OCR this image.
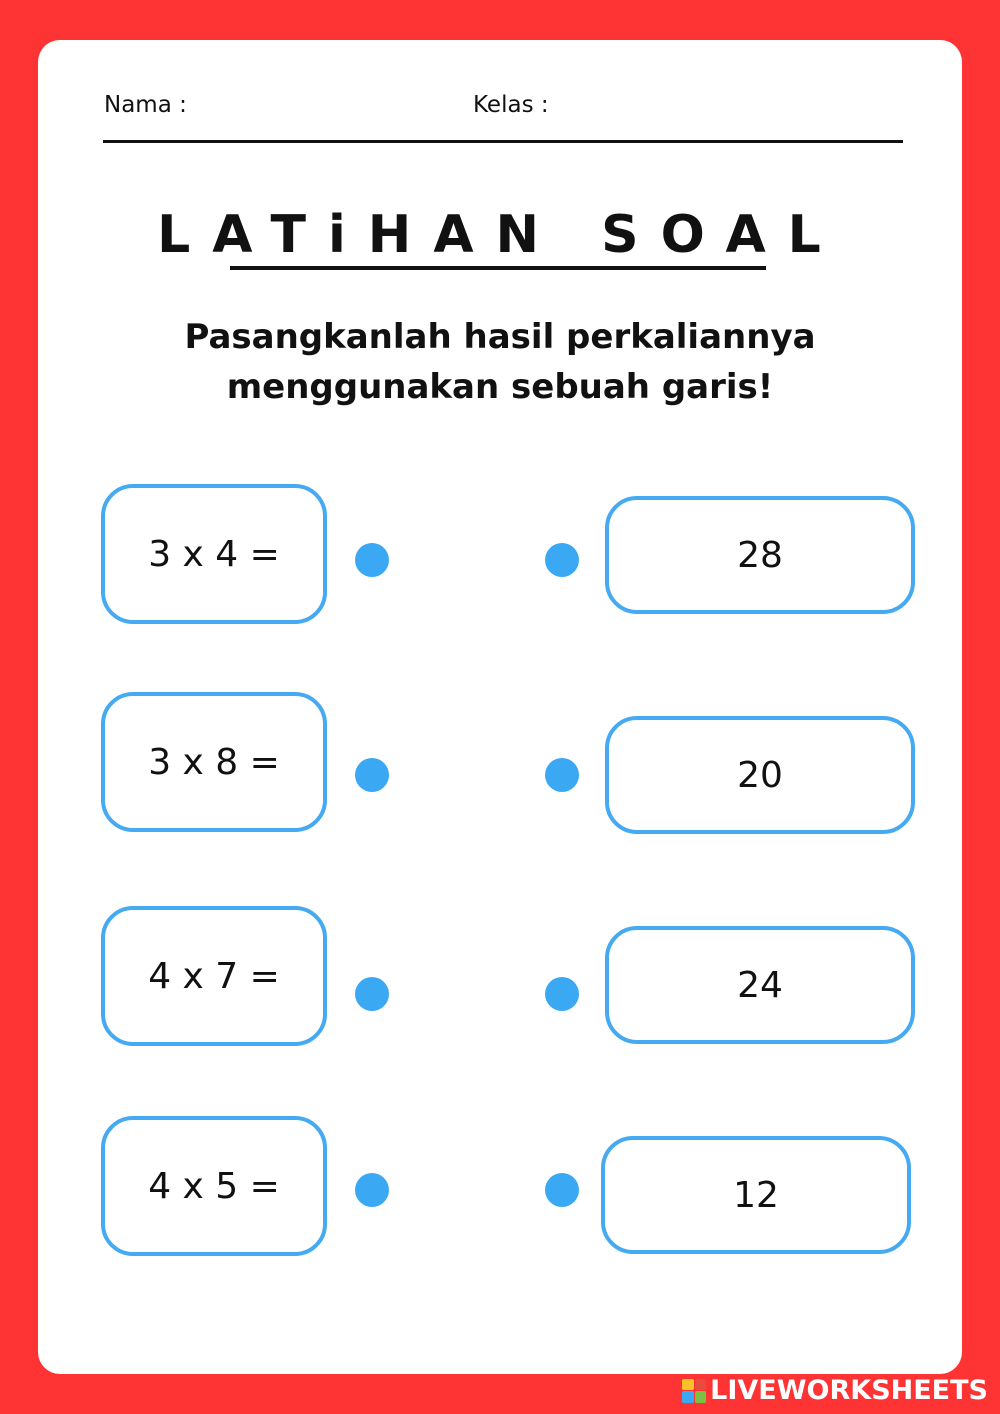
Nama :	Kelas :
LATiHAN SOAL
Pasangkanlah hasil perkaliannya
menggunakan sebuah garis!
3 x 4 =	28
3 x 8 =	20
4 x 7 =	24
4 x 5 =	12
LIVEWORKSHEETS
